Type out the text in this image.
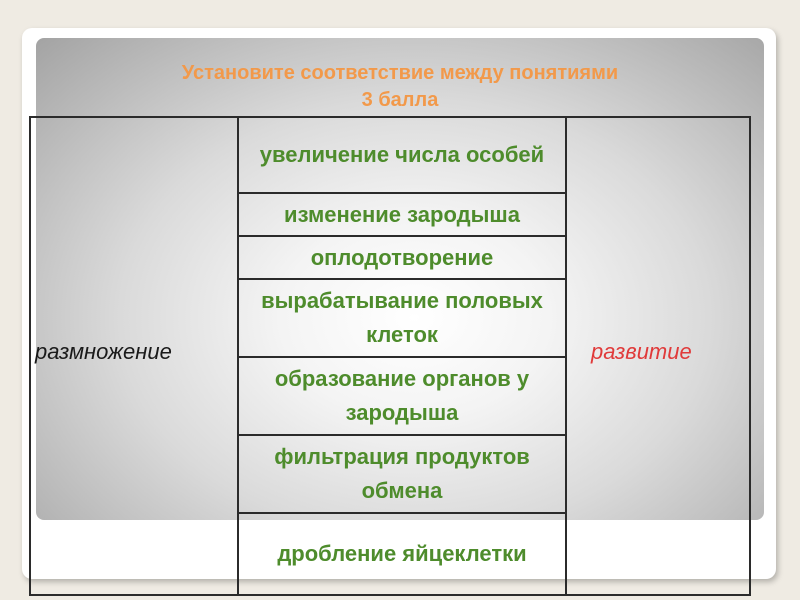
Установите соответствие между понятиями
3 балла
размножение	увеличение числа особей	развитие
изменение зародыша
оплодотворение
вырабатывание половых клеток
образование органов у зародыша
фильтрация продуктов обмена
дробление яйцеклетки
